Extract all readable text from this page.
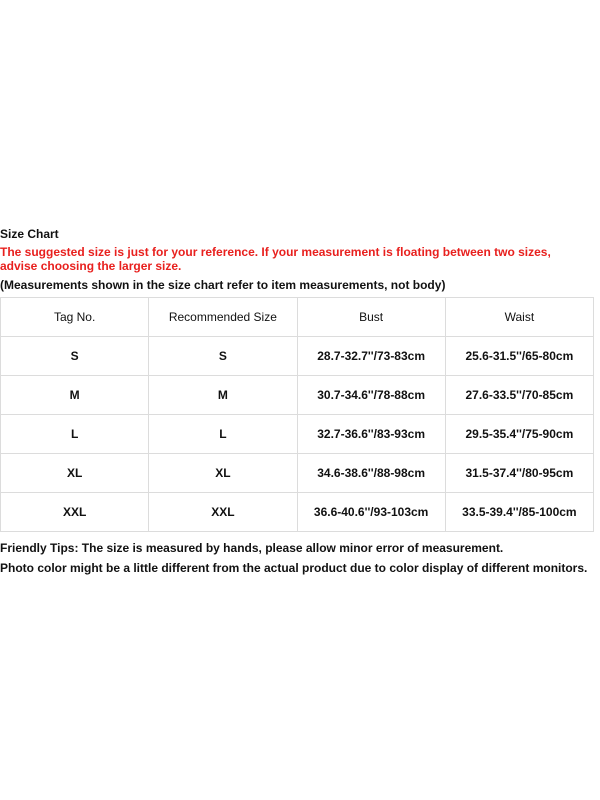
Size Chart
The suggested size is just for your reference. If your measurement is floating between two sizes, advise choosing the larger size.
(Measurements shown in the size chart refer to item measurements, not body)
Tag No.	Recommended Size	Bust	Waist
S	S	28.7-32.7''/73-83cm	25.6-31.5''/65-80cm
M	M	30.7-34.6''/78-88cm	27.6-33.5''/70-85cm
L	L	32.7-36.6''/83-93cm	29.5-35.4''/75-90cm
XL	XL	34.6-38.6''/88-98cm	31.5-37.4''/80-95cm
XXL	XXL	36.6-40.6''/93-103cm	33.5-39.4''/85-100cm
Friendly Tips: The size is measured by hands, please allow minor error of measurement.
Photo color might be a little different from the actual product due to color display of different monitors.
